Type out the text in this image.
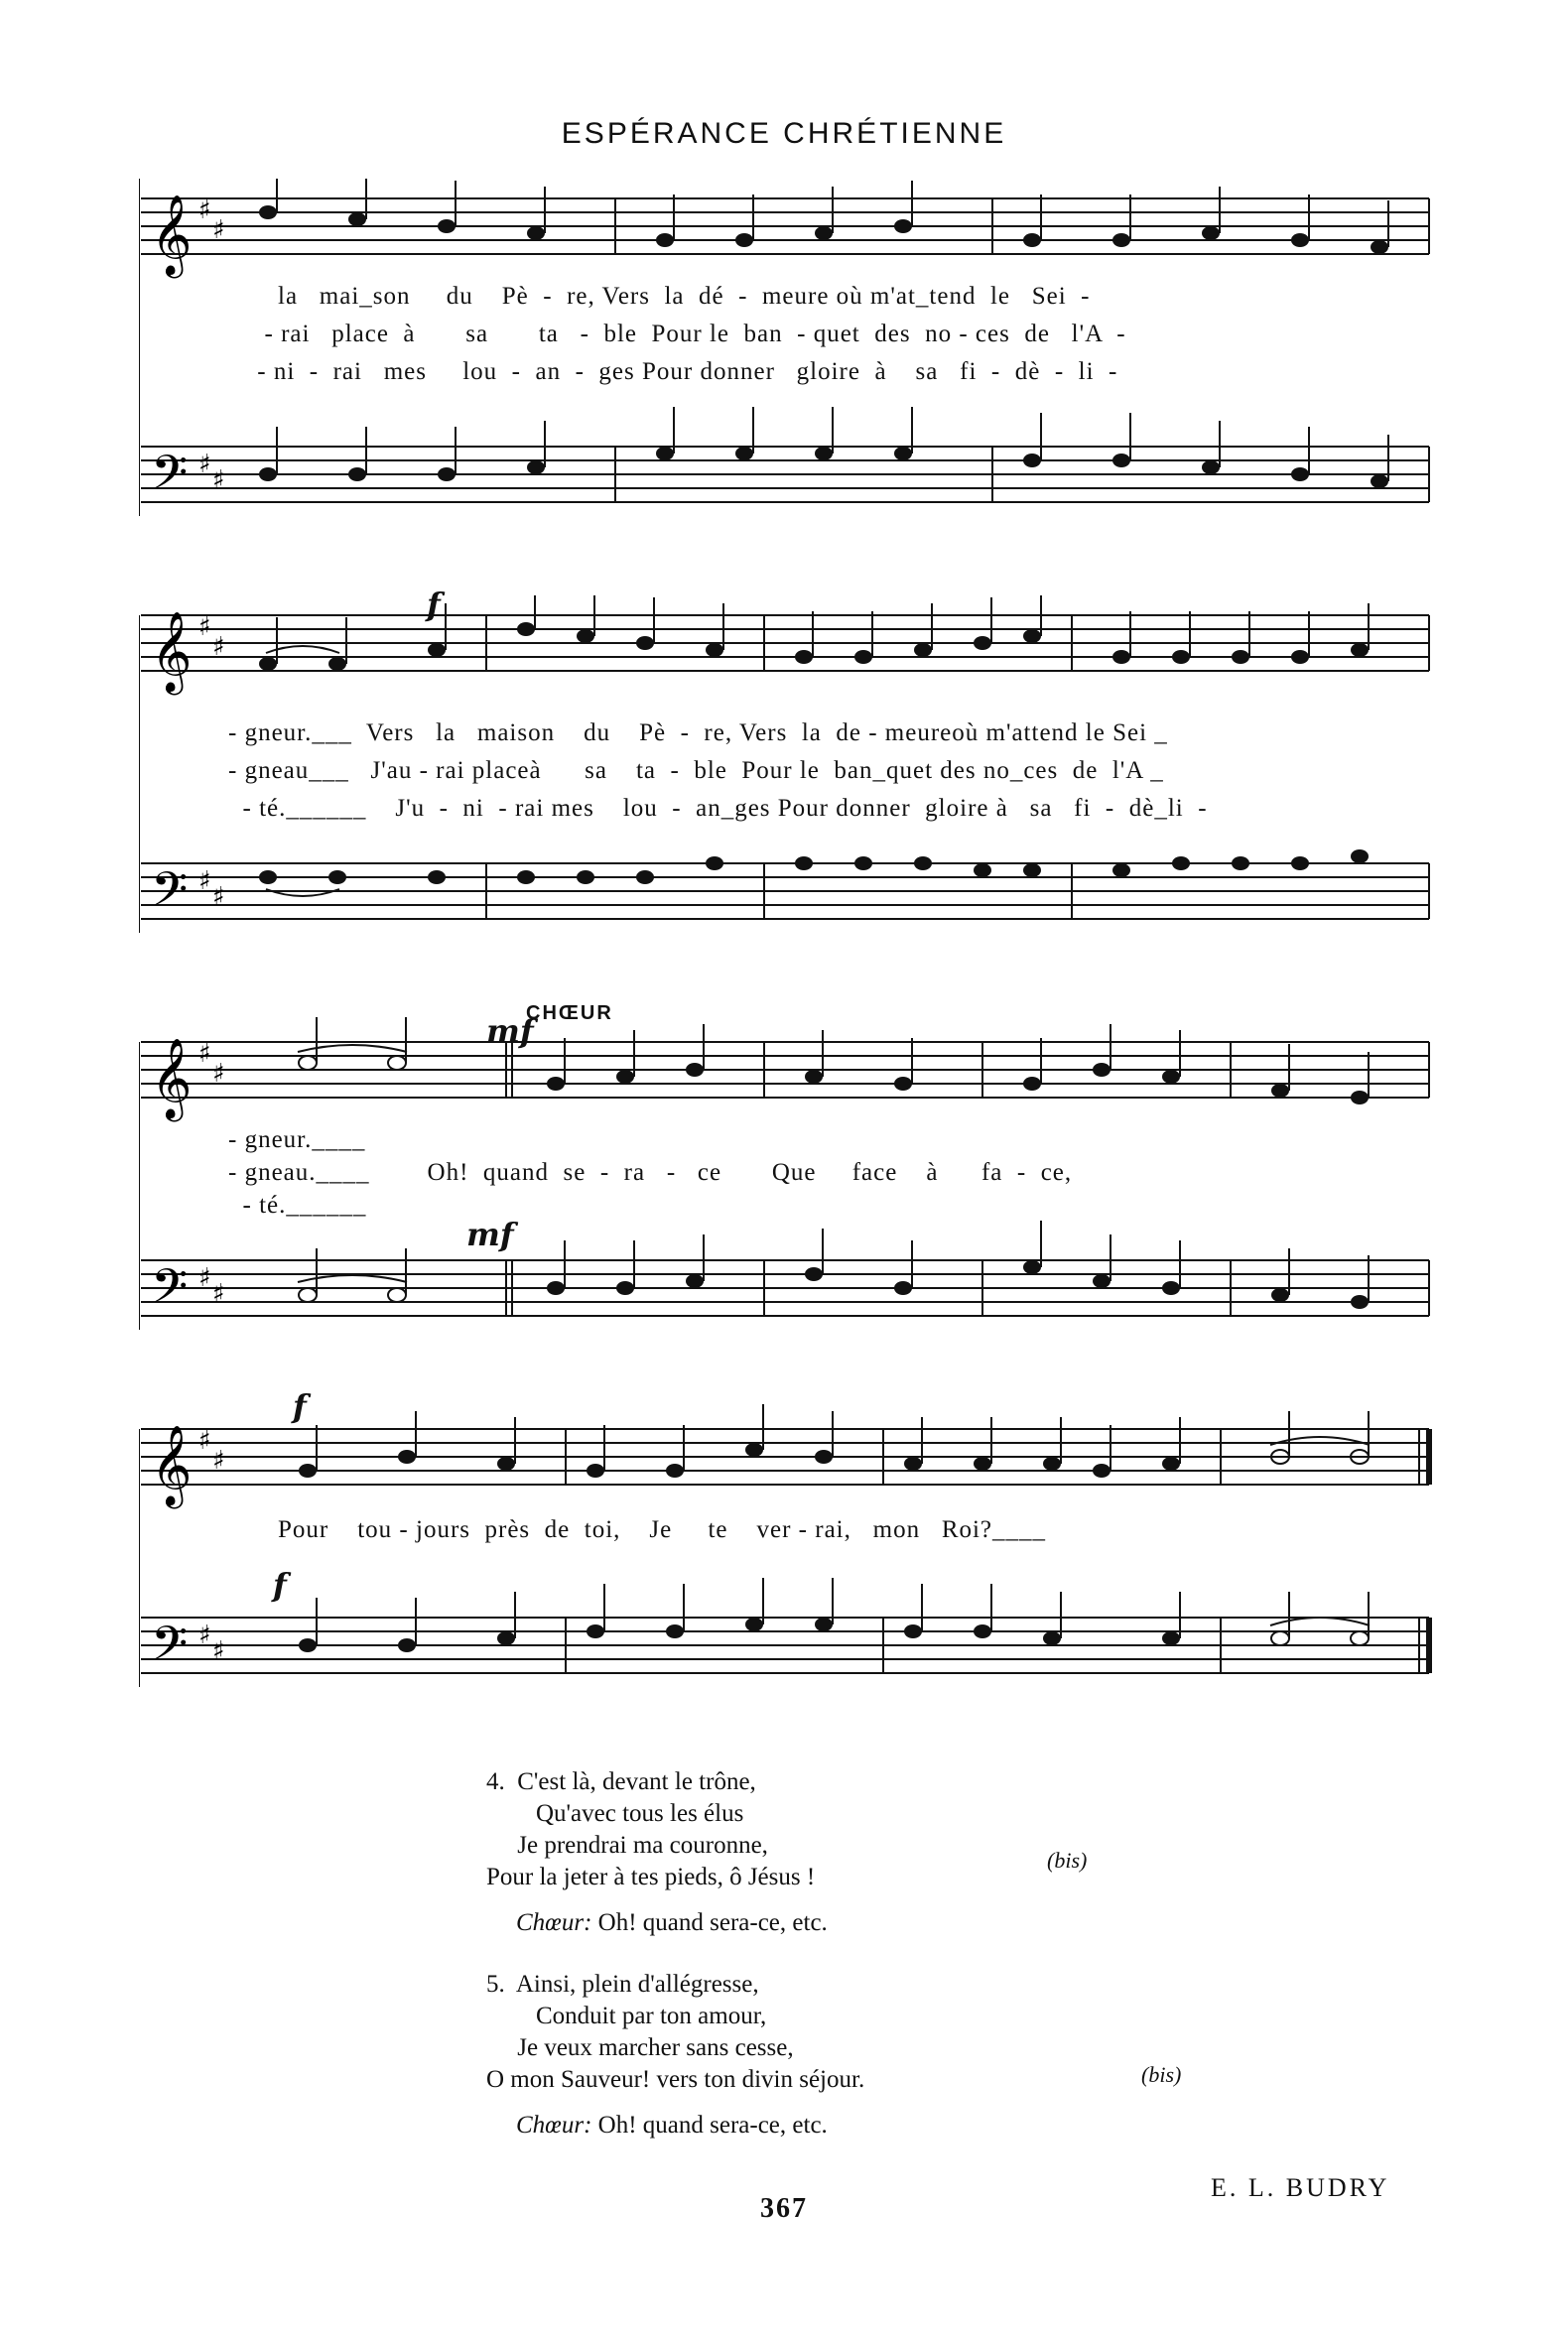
ESPÉRANCE CHRÉTIENNE
𝄞
𝄢
♯
♯
♯
♯
la   mai_son     du    Pè  -  re, Vers  la  dé  -  meure où m'at_tend  le   Sei  -
- rai   place  à       sa       ta   -  ble  Pour le  ban  - quet  des  no - ces  de   l'A  -
- ni  -  rai   mes     lou  -  an  -  ges Pour donner   gloire  à    sa   fi  -  dè  -  li  -
𝄞
𝄢
♯
♯
♯
♯
f
- gneur.___  Vers   la   maison    du    Pè  -  re, Vers  la  de - meureoù m'attend le Sei _
- gneau___   J'au - rai placeà      sa    ta  -  ble  Pour le  ban_quet des no_ces  de  l'A _
- té.______    J'u  -  ni  - rai mes    lou  -  an_ges Pour donner  gloire à   sa   fi  -  dè_li  -
𝄞
𝄢
♯
♯
♯
♯
CHŒUR
mf
mf
- gneur.____
- gneau.____        Oh!  quand  se  -  ra   -   ce       Que     face    à      fa  -  ce,
- té.______
𝄞
𝄢
♯
♯
♯
♯
f
f
Pour    tou - jours  près  de  toi,    Je     te    ver - rai,   mon   Roi?____
4.  C'est là, devant le trône,
Qu'avec tous les élus
Je prendrai ma couronne,
Pour la jeter à tes pieds, ô Jésus !
Chœur: Oh! quand sera-ce, etc.
5.  Ainsi, plein d'allégresse,
Conduit par ton amour,
Je veux marcher sans cesse,
O mon Sauveur! vers ton divin séjour.
Chœur: Oh! quand sera-ce, etc.
(bis)
(bis)
E. L. BUDRY
367
